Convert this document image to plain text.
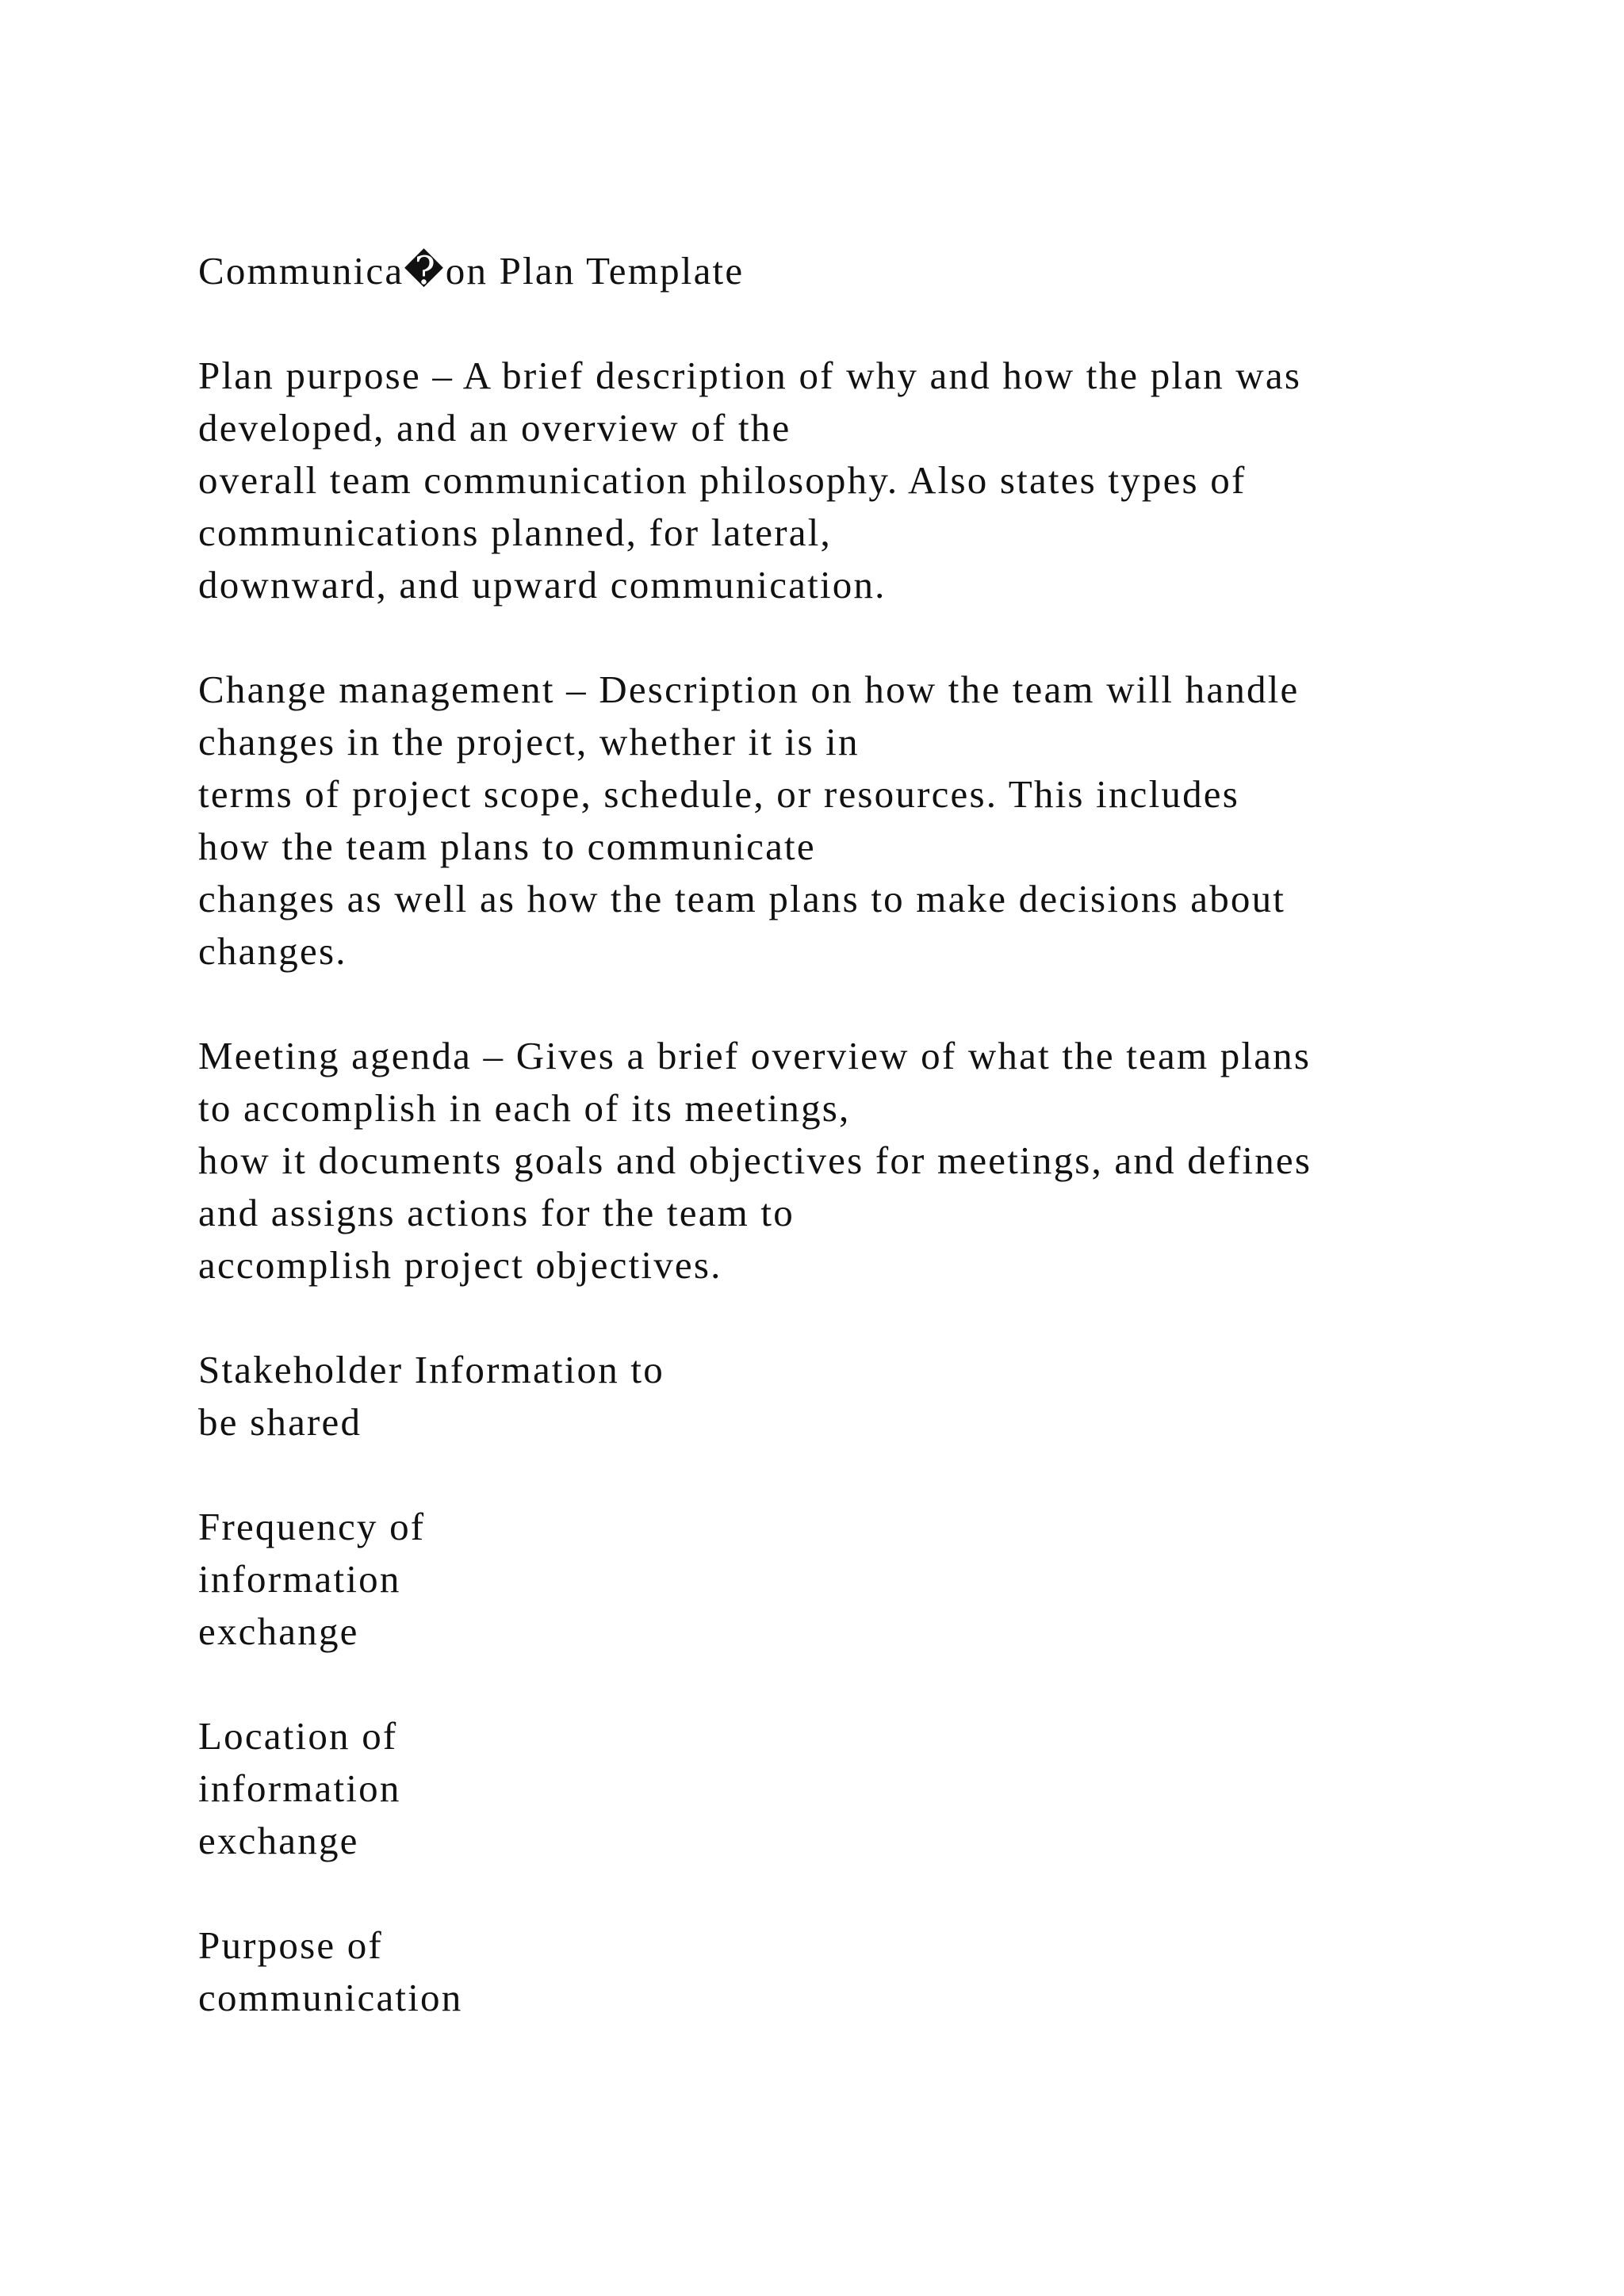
Communica�on Plan Template
Plan purpose – A brief description of why and how the plan was
developed, and an overview of the
overall team communication philosophy. Also states types of
communications planned, for lateral,
downward, and upward communication.
Change management – Description on how the team will handle
changes in the project, whether it is in
terms of project scope, schedule, or resources. This includes
how the team plans to communicate
changes as well as how the team plans to make decisions about
changes.
Meeting agenda – Gives a brief overview of what the team plans
to accomplish in each of its meetings,
how it documents goals and objectives for meetings, and defines
and assigns actions for the team to
accomplish project objectives.
Stakeholder Information to
be shared
Frequency of
information
exchange
Location of
information
exchange
Purpose of
communication
